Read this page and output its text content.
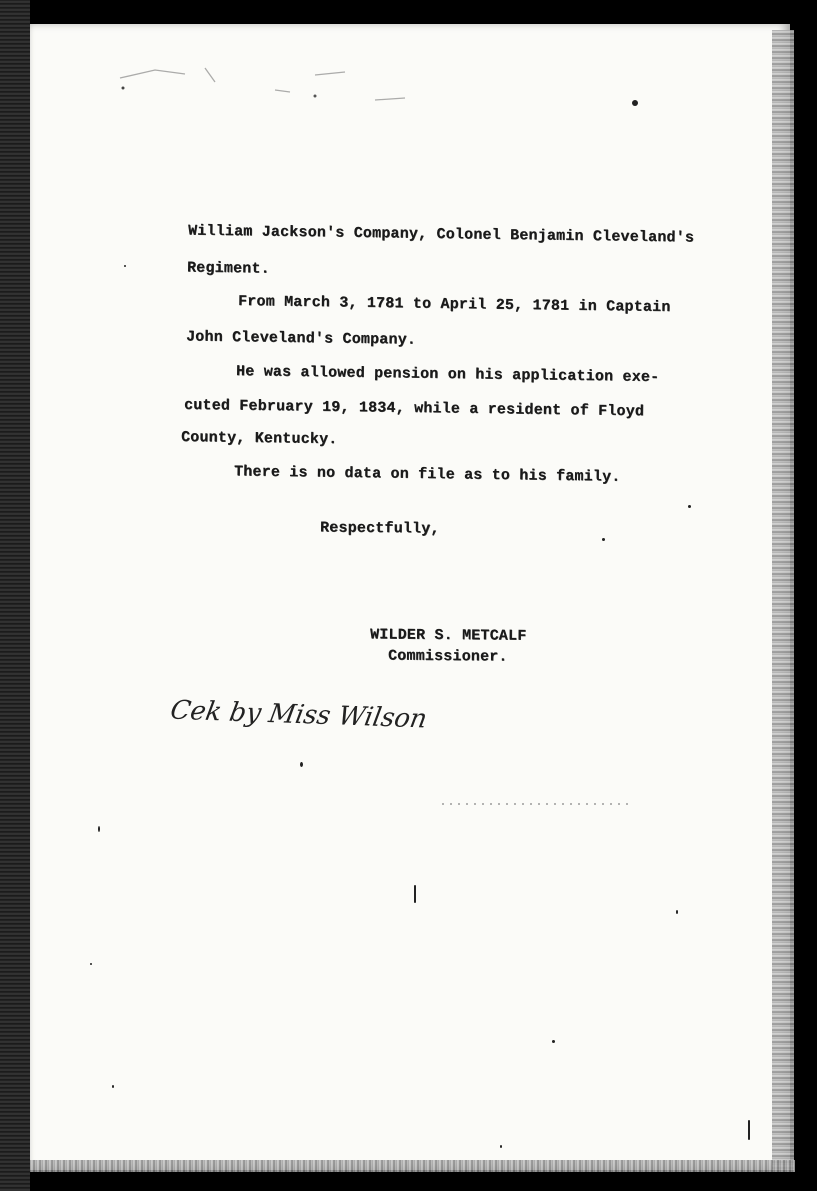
William Jackson's Company, Colonel Benjamin Cleveland's
Regiment.
From March 3, 1781 to April 25, 1781 in Captain
John Cleveland's Company.
He was allowed pension on his application exe-
cuted February 19, 1834, while a resident of Floyd
County, Kentucky.
There is no data on file as to his family.
Respectfully,
WILDER S. METCALF
Commissioner.
Cek by Miss Wilson
